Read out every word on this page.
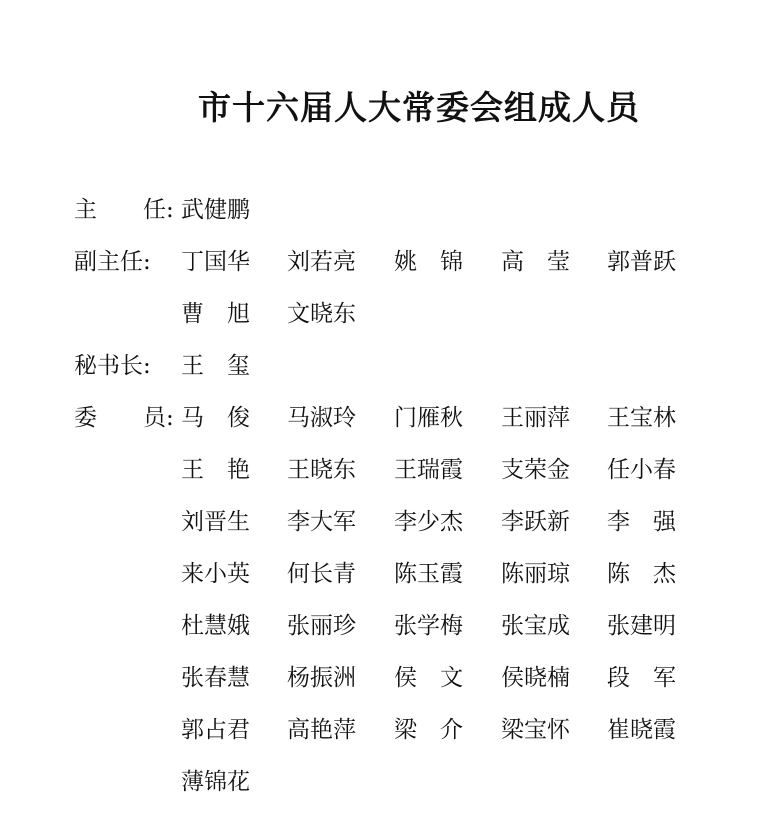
市十六届人大常委会组成人员
主　　任: 武健鹏
副主任:	丁国华	刘若亮	姚　锦	高　莹	郭普跃
曹　旭	文晓东
秘书长:	王　玺
委　　员: 马　俊	马淑玲	门雁秋	王丽萍	王宝林
王　艳	王晓东	王瑞霞	支荣金	任小春
刘晋生	李大军	李少杰	李跃新	李　强
来小英	何长青	陈玉霞	陈丽琼	陈　杰
杜慧娥	张丽珍	张学梅	张宝成	张建明
张春慧	杨振洲	侯　文	侯晓楠	段　军
郭占君	高艳萍	梁　介	梁宝怀	崔晓霞
薄锦花
